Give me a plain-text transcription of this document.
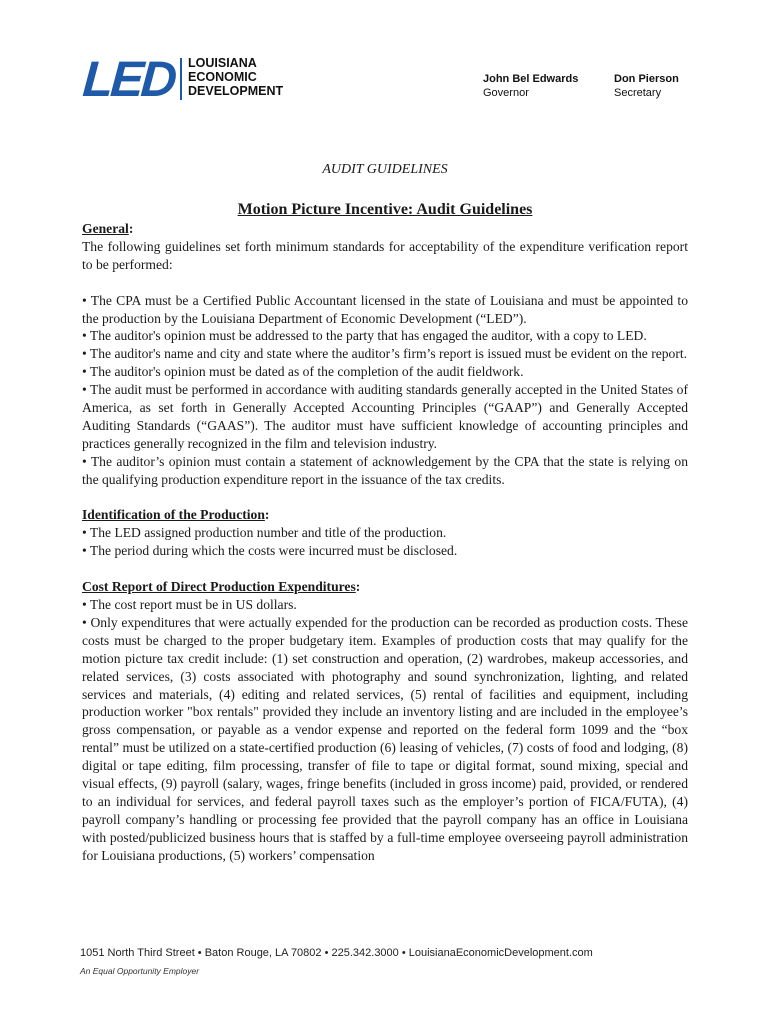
LED LOUISIANA
ECONOMIC
DEVELOPMENT
John Bel Edwards
Governor
Don Pierson
Secretary
AUDIT GUIDELINES
Motion Picture Incentive: Audit Guidelines

General:

The following guidelines set forth minimum standards for acceptability of the expenditure verification report to be performed:

• The CPA must be a Certified Public Accountant licensed in the state of Louisiana and must be appointed to the production by the Louisiana Department of Economic Development (“LED”).

• The auditor's opinion must be addressed to the party that has engaged the auditor, with a copy to LED.

• The auditor's name and city and state where the auditor’s firm’s report is issued must be evident on the report.

• The auditor's opinion must be dated as of the completion of the audit fieldwork.

• The audit must be performed in accordance with auditing standards generally accepted in the United States of America, as set forth in Generally Accepted Accounting Principles (“GAAP”) and Generally Accepted Auditing Standards (“GAAS”). The auditor must have sufficient knowledge of accounting principles and practices generally recognized in the film and television industry.

• The auditor’s opinion must contain a statement of acknowledgement by the CPA that the state is relying on the qualifying production expenditure report in the issuance of the tax credits.

Identification of the Production:

• The LED assigned production number and title of the production.

• The period during which the costs were incurred must be disclosed.

Cost Report of Direct Production Expenditures:

• The cost report must be in US dollars.

• Only expenditures that were actually expended for the production can be recorded as production costs. These costs must be charged to the proper budgetary item. Examples of production costs that may qualify for the motion picture tax credit include: (1) set construction and operation, (2) wardrobes, makeup accessories, and related services, (3) costs associated with photography and sound synchronization, lighting, and related services and materials, (4) editing and related services, (5) rental of facilities and equipment, including production worker "box rentals" provided they include an inventory listing and are included in the employee’s gross compensation, or payable as a vendor expense and reported on the federal form 1099 and the “box rental” must be utilized on a state-certified production (6) leasing of vehicles, (7) costs of food and lodging, (8) digital or tape editing, film processing, transfer of file to tape or digital format, sound mixing, special and visual effects, (9) payroll (salary, wages, fringe benefits (included in gross income) paid, provided, or rendered to an individual for services, and federal payroll taxes such as the employer’s portion of FICA/FUTA), (4) payroll company’s handling or processing fee provided that the payroll company has an office in Louisiana with posted/publicized business hours that is staffed by a full-time employee overseeing payroll administration for Louisiana productions, (5) workers’ compensation

1051 North Third Street • Baton Rouge, LA 70802 • 225.342.3000 • LouisianaEconomicDevelopment.com
An Equal Opportunity Employer
